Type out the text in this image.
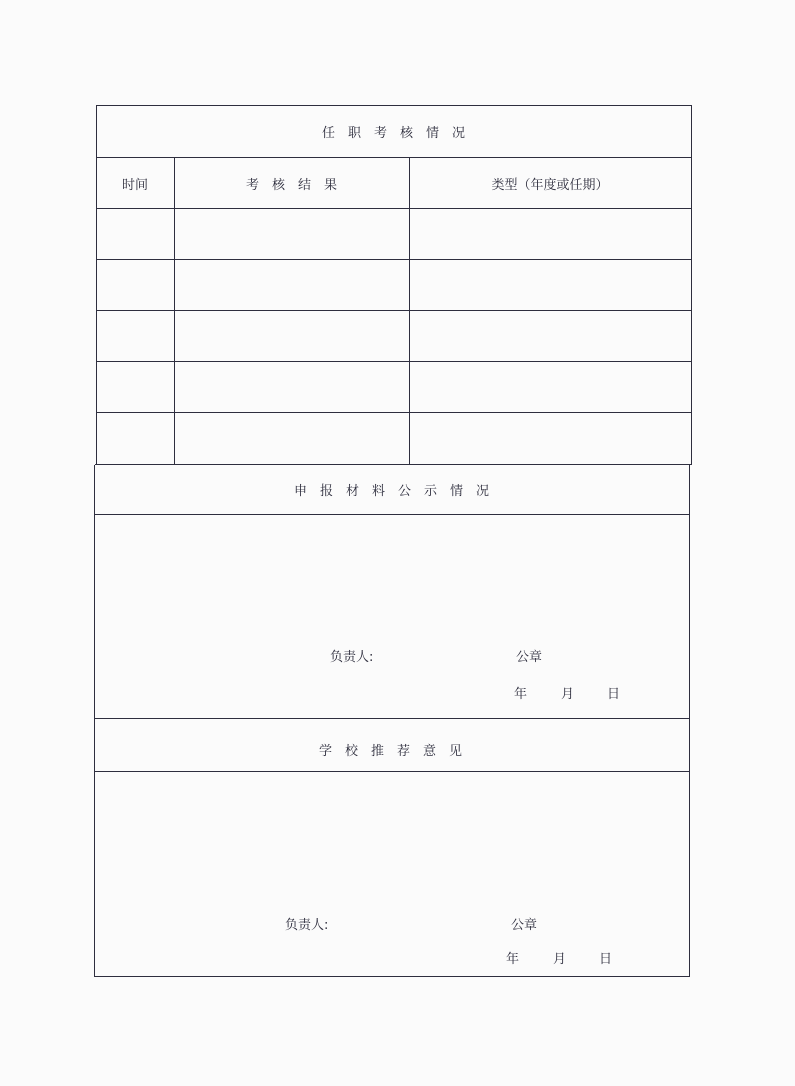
任职考核情况
时间	考核结果	类型（年度或任期）
申报材料公示情况
负责人:	公章
年	月	日
学校推荐意见
负责人:	公章
年	月	日
